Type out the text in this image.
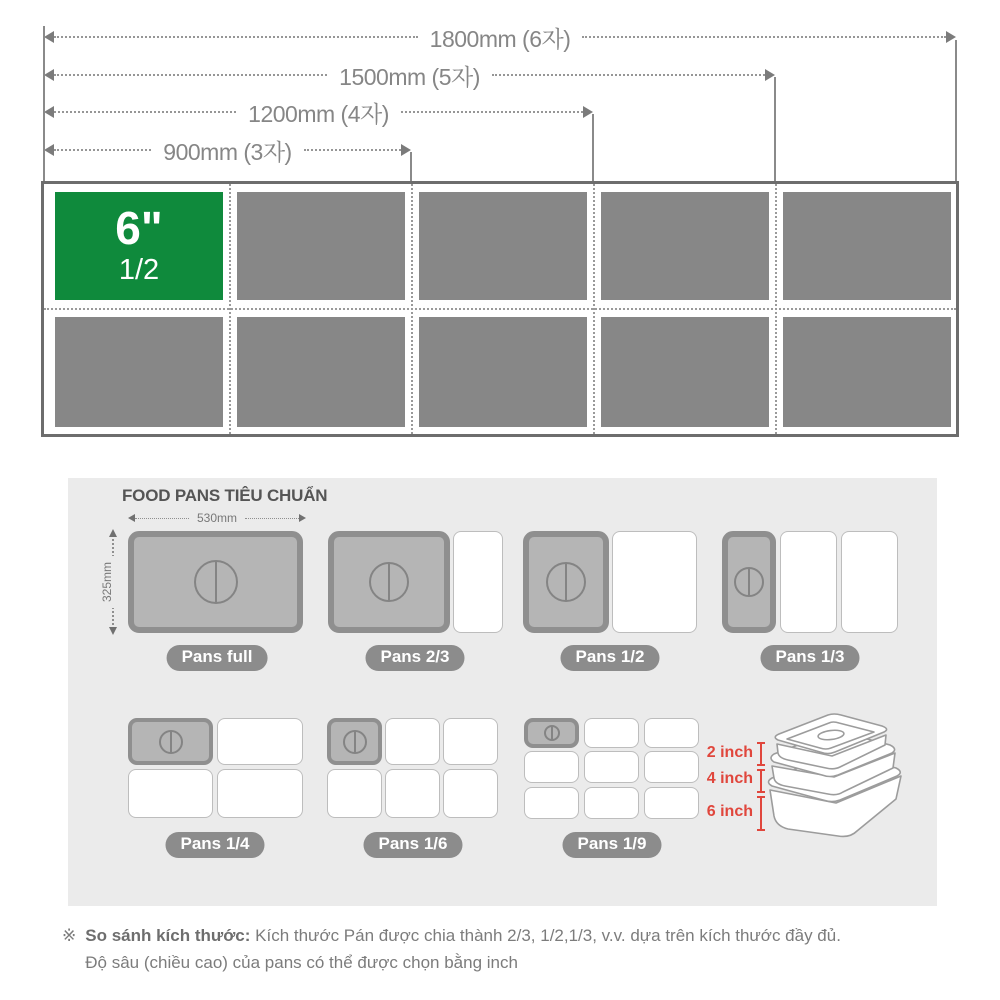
1800mm (6자)
1500mm (5자)
1200mm (4자)
900mm (3자)
6"
1/2
FOOD PANS TIÊU CHUẨN
530mm
325mm
Pans full	Pans 2/3	Pans 1/2	Pans 1/3
Pans 1/4	Pans 1/6	Pans 1/9
2 inch
4 inch
6 inch
※ So sánh kích thước: Kích thước Pán được chia thành 2/3, 1/2,1/3, v.v. dựa trên kích thước đầy đủ.
Độ sâu (chiều cao) của pans có thể được chọn bằng inch
